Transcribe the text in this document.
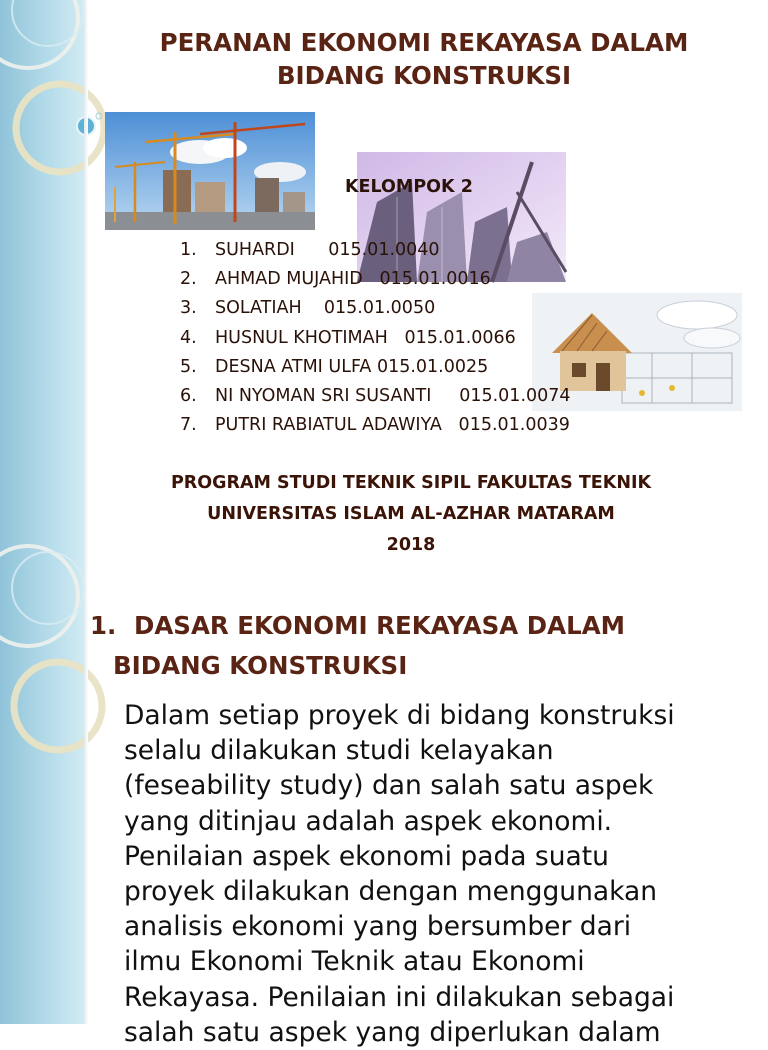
PERANAN EKONOMI REKAYASA DALAM
BIDANG KONSTRUKSI
KELOMPOK 2
1. SUHARDI      015.01.0040
2. AHMAD MUJAHID   015.01.0016
3. SOLATIAH    015.01.0050
4. HUSNUL KHOTIMAH   015.01.0066
5. DESNA ATMI ULFA 015.01.0025
6. NI NYOMAN SRI SUSANTI     015.01.0074
7. PUTRI RABIATUL ADAWIYA   015.01.0039
PROGRAM STUDI TEKNIK SIPIL FAKULTAS TEKNIK
UNIVERSITAS ISLAM AL-AZHAR MATARAM
2018
1. DASAR EKONOMI REKAYASA DALAM
BIDANG KONSTRUKSI

Dalam setiap proyek di bidang konstruksi
selalu dilakukan studi kelayakan
(feseability study) dan salah satu aspek
yang ditinjau adalah aspek ekonomi.
Penilaian aspek ekonomi pada suatu
proyek dilakukan dengan menggunakan
analisis ekonomi yang bersumber dari
ilmu Ekonomi Teknik atau Ekonomi
Rekayasa. Penilaian ini dilakukan sebagai
salah satu aspek yang diperlukan dalam
